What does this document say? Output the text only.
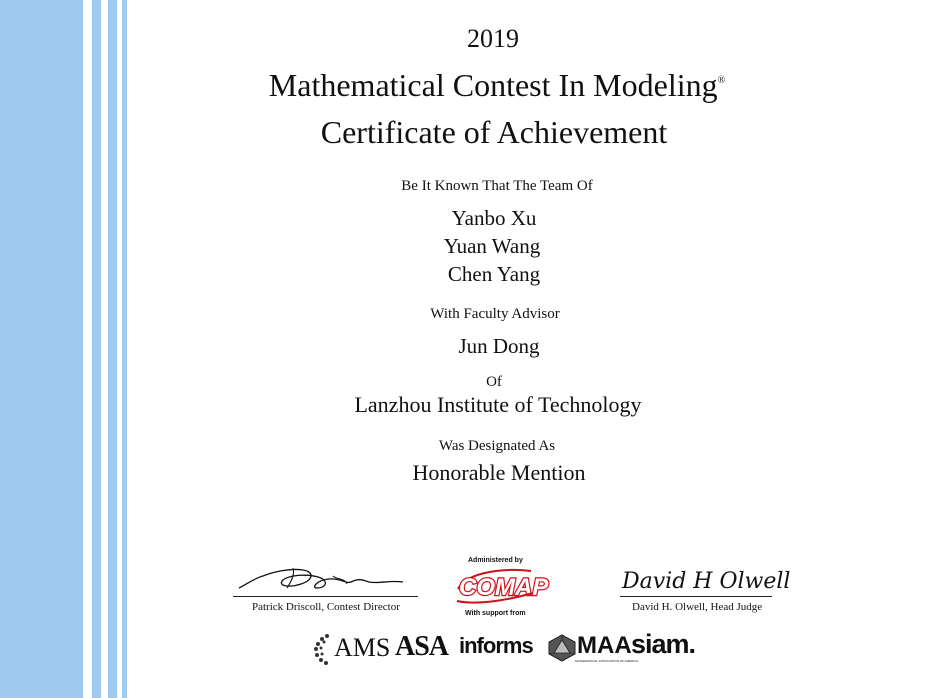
2019
Mathematical Contest In Modeling®
Certificate of Achievement
Be It Known That The Team Of
Yanbo Xu
Yuan Wang
Chen Yang
With Faculty Advisor
Jun Dong
Of
Lanzhou Institute of Technology
Was Designated As
Honorable Mention
Patrick Driscoll, Contest Director
David H Olwell
David H. Olwell, Head Judge
Administered by
COMAP
With support from
AMS ASA informs MAA
MATHEMATICAL ASSOCIATION OF AMERICA
siam.
